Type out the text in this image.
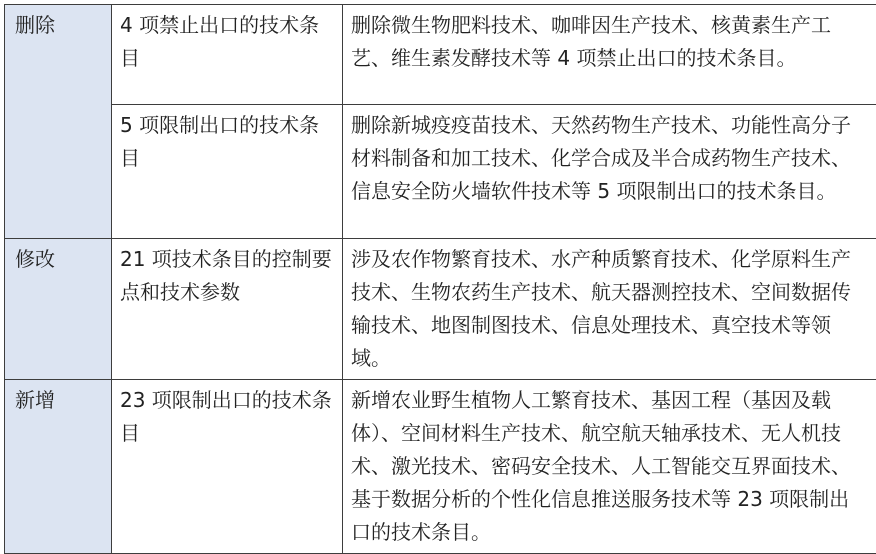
删除	4 项禁止出口的技术条目	删除微生物肥料技术、咖啡因生产技术、核黄素生产工艺、维生素发酵技术等 4 项禁止出口的技术条目。
	5 项限制出口的技术条目	删除新城疫疫苗技术、天然药物生产技术、功能性高分子材料制备和加工技术、化学合成及半合成药物生产技术、信息安全防火墙软件技术等 5 项限制出口的技术条目。
修改	21 项技术条目的控制要点和技术参数	涉及农作物繁育技术、水产种质繁育技术、化学原料生产技术、生物农药生产技术、航天器测控技术、空间数据传输技术、地图制图技术、信息处理技术、真空技术等领域。
新增	23 项限制出口的技术条目	新增农业野生植物人工繁育技术、基因工程（基因及载体）、空间材料生产技术、航空航天轴承技术、无人机技术、激光技术、密码安全技术、人工智能交互界面技术、基于数据分析的个性化信息推送服务技术等 23 项限制出口的技术条目。
